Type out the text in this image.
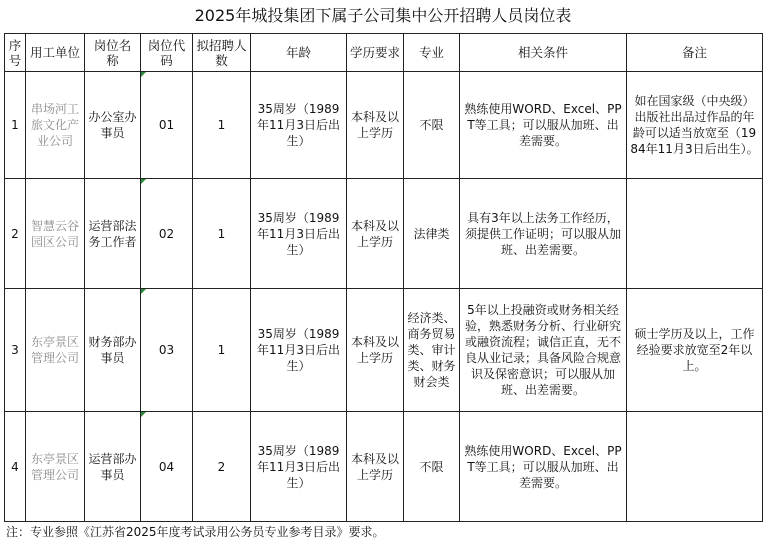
2025年城投集团下属子公司集中公开招聘人员岗位表
序号	用工单位	岗位名称	岗位代码	拟招聘人数	年龄	学历要求	专业	相关条件	备注
1	串场河工旅文化产业公司	办公室办事员	01	1	35周岁（1989年11月3日后出生）	本科及以上学历	不限	熟练使用WORD、Excel、PPT等工具；可以服从加班、出差需要。	如在国家级（中央级）出版社出品过作品的年龄可以适当放宽至（1984年11月3日后出生）。
2	智慧云谷园区公司	运营部法务工作者	02	1	35周岁（1989年11月3日后出生）	本科及以上学历	法律类	具有3年以上法务工作经历，须提供工作证明；可以服从加班、出差需要。	
3	东亭景区管理公司	财务部办事员	03	1	35周岁（1989年11月3日后出生）	本科及以上学历	经济类、商务贸易类、审计类、财务财会类	5年以上投融资或财务相关经验，熟悉财务分析、行业研究或融资流程；诚信正直，无不良从业记录；具备风险合规意识及保密意识；可以服从加班、出差需要。	硕士学历及以上，工作经验要求放宽至2年以上。
4	东亭景区管理公司	运营部办事员	04	2	35周岁（1989年11月3日后出生）	本科及以上学历	不限	熟练使用WORD、Excel、PPT等工具；可以服从加班、出差需要。	
注：专业参照《江苏省2025年度考试录用公务员专业参考目录》要求。
